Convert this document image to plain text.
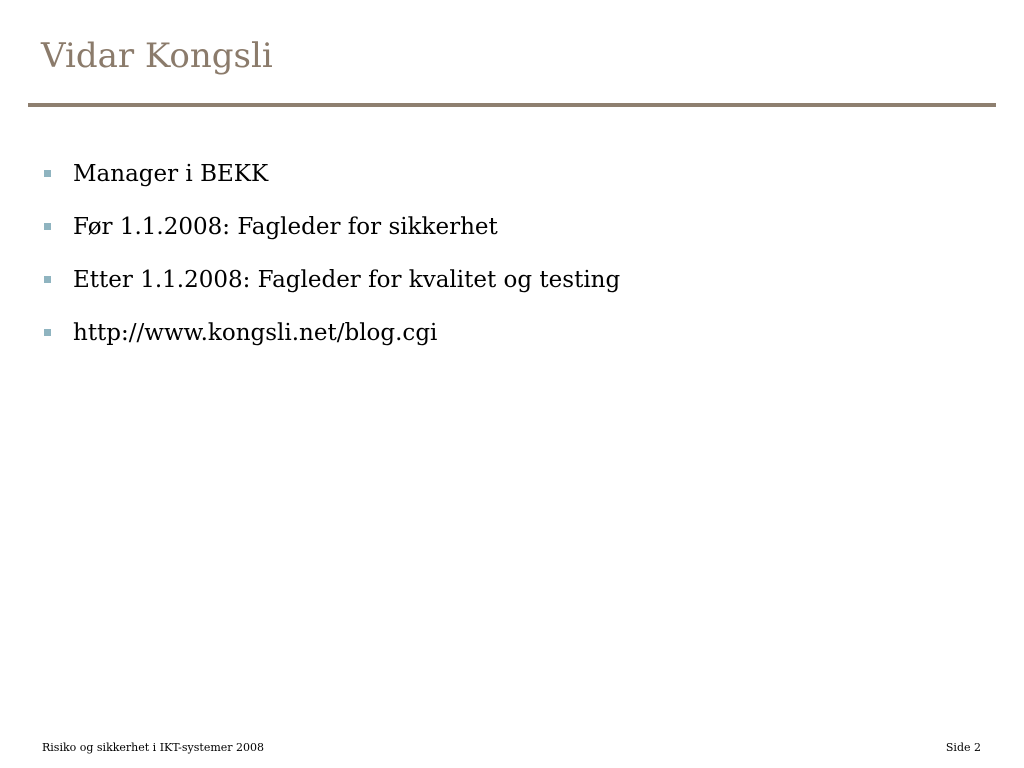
Vidar Kongsli
Manager i BEKK
Før 1.1.2008: Fagleder for sikkerhet
Etter 1.1.2008: Fagleder for kvalitet og testing
http://www.kongsli.net/blog.cgi
Risiko og sikkerhet i IKT-systemer 2008	Side 2
